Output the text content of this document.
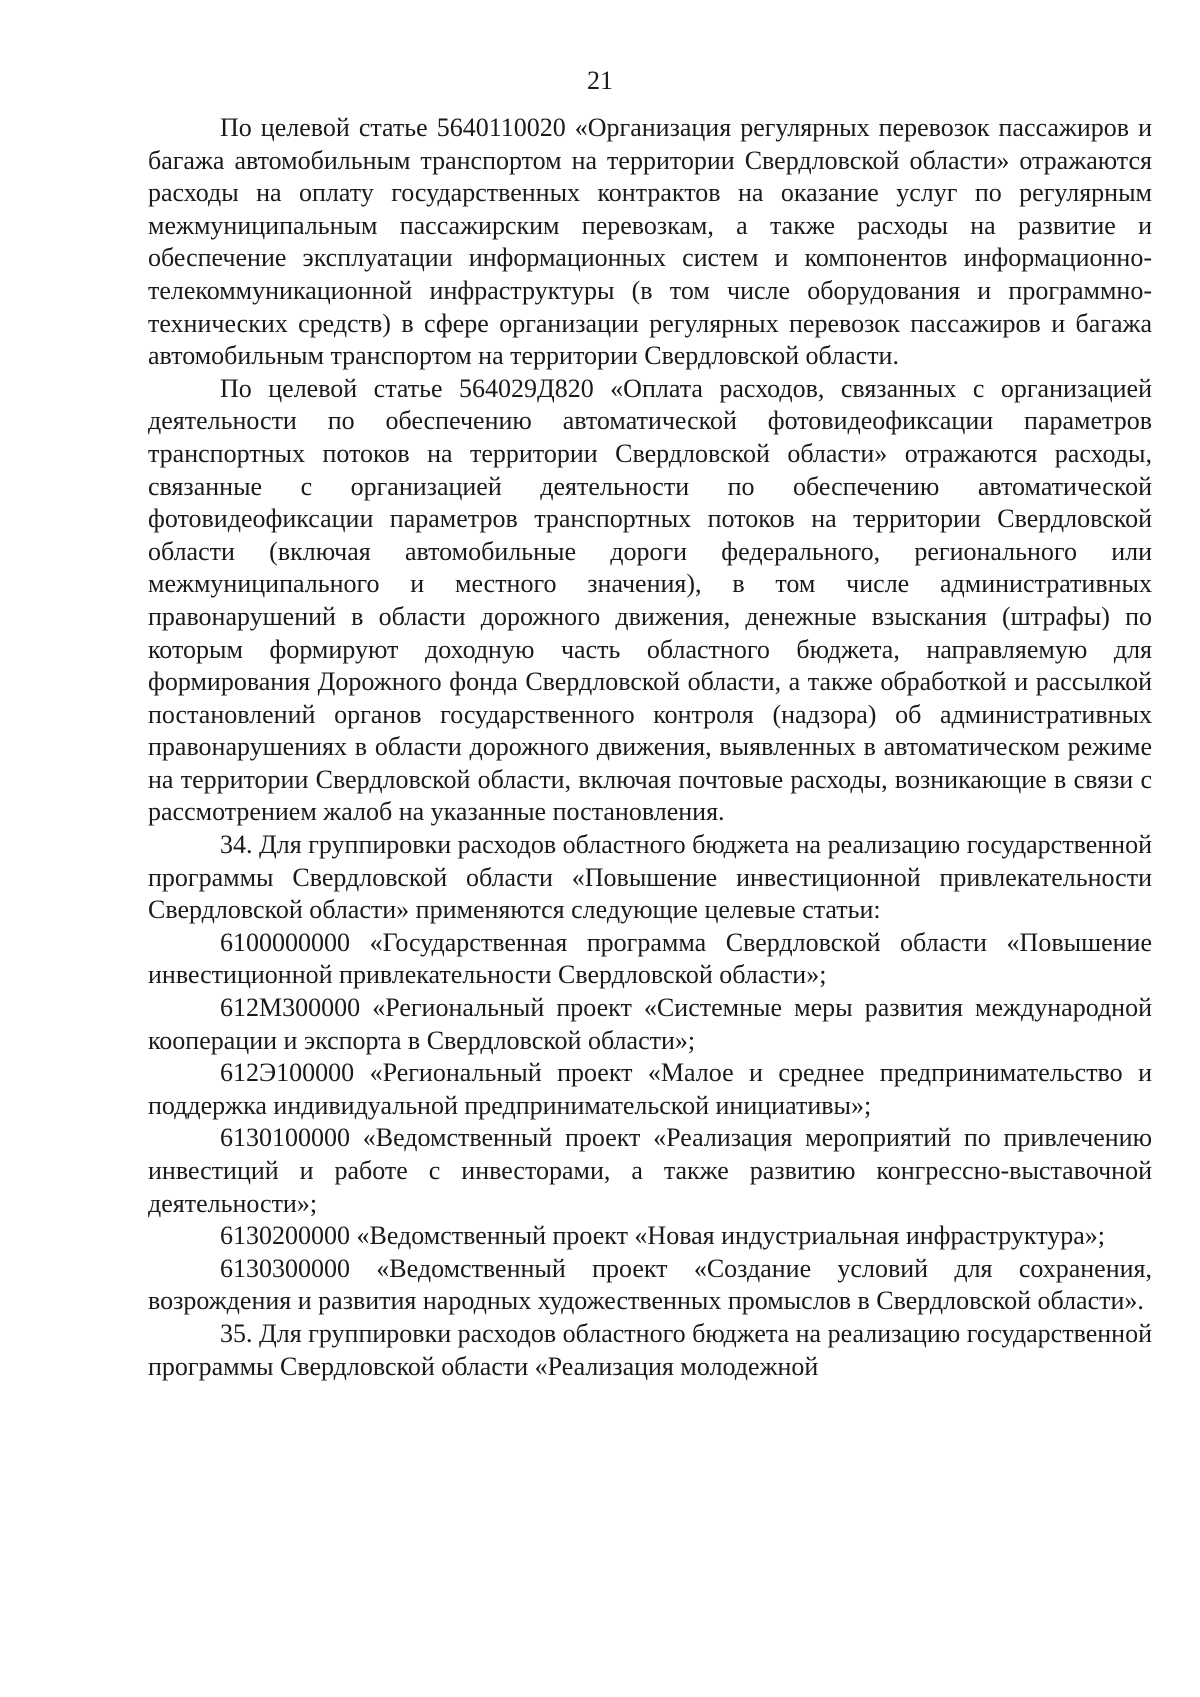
21

По целевой статье 5640110020 «Организация регулярных перевозок пассажиров и багажа автомобильным транспортом на территории Свердловской области» отражаются расходы на оплату государственных контрактов на оказание услуг по регулярным межмуниципальным пассажирским перевозкам, а также расходы на развитие и обеспечение эксплуатации информационных систем и компонентов информационно-телекоммуникационной инфраструктуры (в том числе оборудования и программно-технических средств) в сфере организации регулярных перевозок пассажиров и багажа автомобильным транспортом на территории Свердловской области.

По целевой статье 564029Д820 «Оплата расходов, связанных с организацией деятельности по обеспечению автоматической фотовидеофиксации параметров транспортных потоков на территории Свердловской области» отражаются расходы, связанные с организацией деятельности по обеспечению автоматической фотовидеофиксации параметров транспортных потоков на территории Свердловской области (включая автомобильные дороги федерального, регионального или межмуниципального и местного значения), в том числе административных правонарушений в области дорожного движения, денежные взыскания (штрафы) по которым формируют доходную часть областного бюджета, направляемую для формирования Дорожного фонда Свердловской области, а также обработкой и рассылкой постановлений органов государственного контроля (надзора) об административных правонарушениях в области дорожного движения, выявленных в автоматическом режиме на территории Свердловской области, включая почтовые расходы, возникающие в связи с рассмотрением жалоб на указанные постановления.

34. Для группировки расходов областного бюджета на реализацию государственной программы Свердловской области «Повышение инвестиционной привлекательности Свердловской области» применяются следующие целевые статьи:

6100000000 «Государственная программа Свердловской области «Повышение инвестиционной привлекательности Свердловской области»;

612М300000 «Региональный проект «Системные меры развития международной кооперации и экспорта в Свердловской области»;

612Э100000 «Региональный проект «Малое и среднее предпринимательство и поддержка индивидуальной предпринимательской инициативы»;

6130100000 «Ведомственный проект «Реализация мероприятий по привлечению инвестиций и работе с инвесторами, а также развитию конгрессно-выставочной деятельности»;

6130200000 «Ведомственный проект «Новая индустриальная инфраструктура»;

6130300000 «Ведомственный проект «Создание условий для сохранения, возрождения и развития народных художественных промыслов в Свердловской области».

35. Для группировки расходов областного бюджета на реализацию государственной программы Свердловской области «Реализация молодежной
